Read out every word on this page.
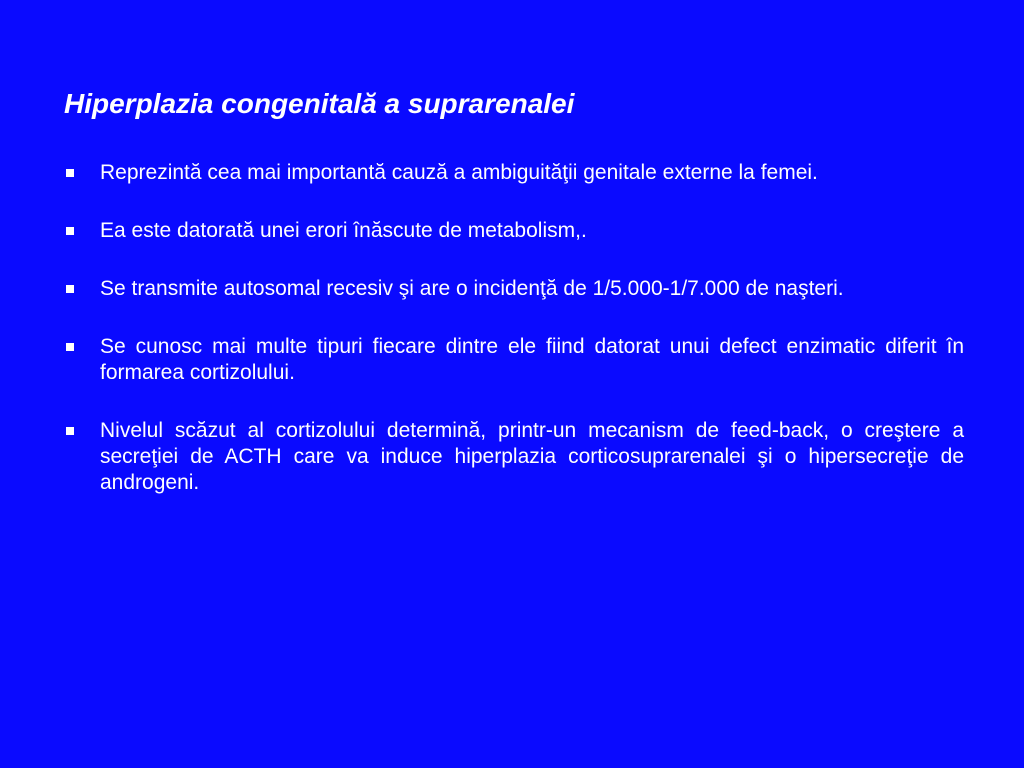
Hiperplazia congenitală a suprarenalei
Reprezintă cea mai importantă cauză a ambiguităţii genitale externe la femei.
Ea este datorată unei erori înăscute de metabolism,.
Se transmite autosomal recesiv şi are o incidenţă de 1/5.000-1/7.000 de naşteri.
Se cunosc mai multe tipuri fiecare dintre ele fiind datorat unui defect enzimatic diferit în formarea cortizolului.
Nivelul scăzut al cortizolului determină, printr-un mecanism de feed-back, o creştere a secreţiei de ACTH care va induce hiperplazia corticosuprarenalei şi o hipersecreţie de androgeni.
